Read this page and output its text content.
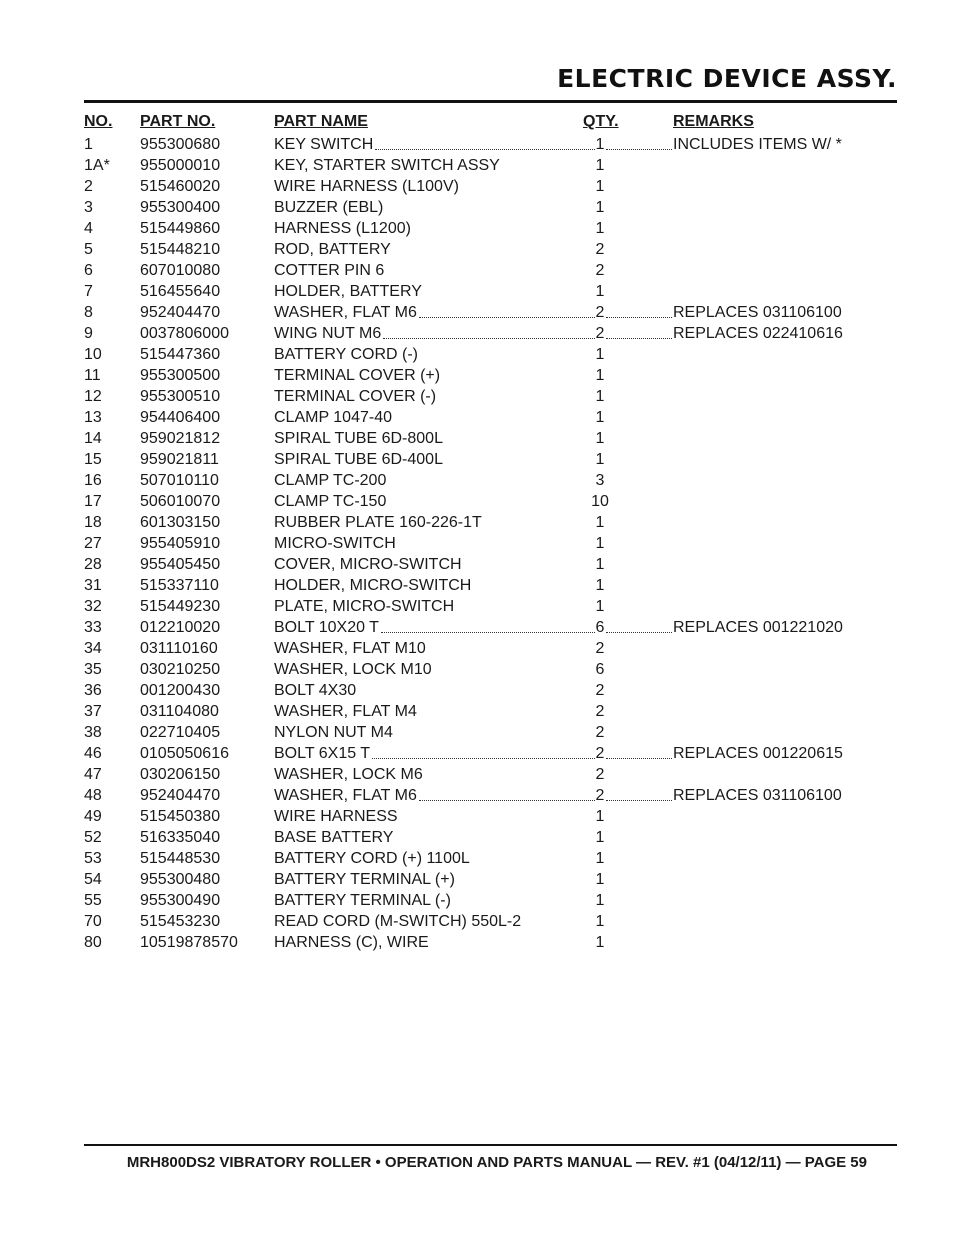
ELECTRIC DEVICE ASSY.
NO. PART NO.	PART NAME	QTY.	REMARKS
1	955300680	KEY SWITCH	1	INCLUDES ITEMS W/ *
1A* 955000010	KEY, STARTER SWITCH ASSY	1
2	515460020	WIRE HARNESS (L100V)	1
3	955300400	BUZZER (EBL)	1
4	515449860	HARNESS (L1200)	1
5	515448210	ROD, BATTERY	2
6	607010080	COTTER PIN 6	2
7	516455640	HOLDER, BATTERY	1
8	952404470	WASHER, FLAT M6	2	REPLACES 031106100
9	0037806000	WING NUT M6	2	REPLACES 022410616
10 515447360	BATTERY CORD (-)	1
11 955300500	TERMINAL COVER (+)	1
12 955300510	TERMINAL COVER (-)	1
13 954406400	CLAMP 1047-40	1
14 959021812	SPIRAL TUBE 6D-800L	1
15 959021811	SPIRAL TUBE 6D-400L	1
16 507010110	CLAMP TC-200	3
17 506010070	CLAMP TC-150	10
18 601303150	RUBBER PLATE 160-226-1T	1
27 955405910	MICRO-SWITCH	1
28 955405450	COVER, MICRO-SWITCH	1
31 515337110	HOLDER, MICRO-SWITCH	1
32 515449230	PLATE, MICRO-SWITCH	1
33 012210020	BOLT 10X20 T	6	REPLACES 001221020
34 031110160	WASHER, FLAT M10	2
35 030210250	WASHER, LOCK M10	6
36 001200430	BOLT 4X30	2
37 031104080	WASHER, FLAT M4	2
38 022710405	NYLON NUT M4	2
46 0105050616	BOLT 6X15 T	2	REPLACES 001220615
47 030206150	WASHER, LOCK M6	2
48 952404470	WASHER, FLAT M6	2	REPLACES 031106100
49 515450380	WIRE HARNESS	1
52 516335040	BASE BATTERY	1
53 515448530	BATTERY CORD (+) 1100L	1
54 955300480	BATTERY TERMINAL (+)	1
55 955300490	BATTERY TERMINAL (-)	1
70 515453230	READ CORD (M-SWITCH) 550L-2	1
80 10519878570 HARNESS (C), WIRE	1

MRH800DS2 VIBRATORY ROLLER • OPERATION AND PARTS MANUAL — REV. #1 (04/12/11) — PAGE 59
